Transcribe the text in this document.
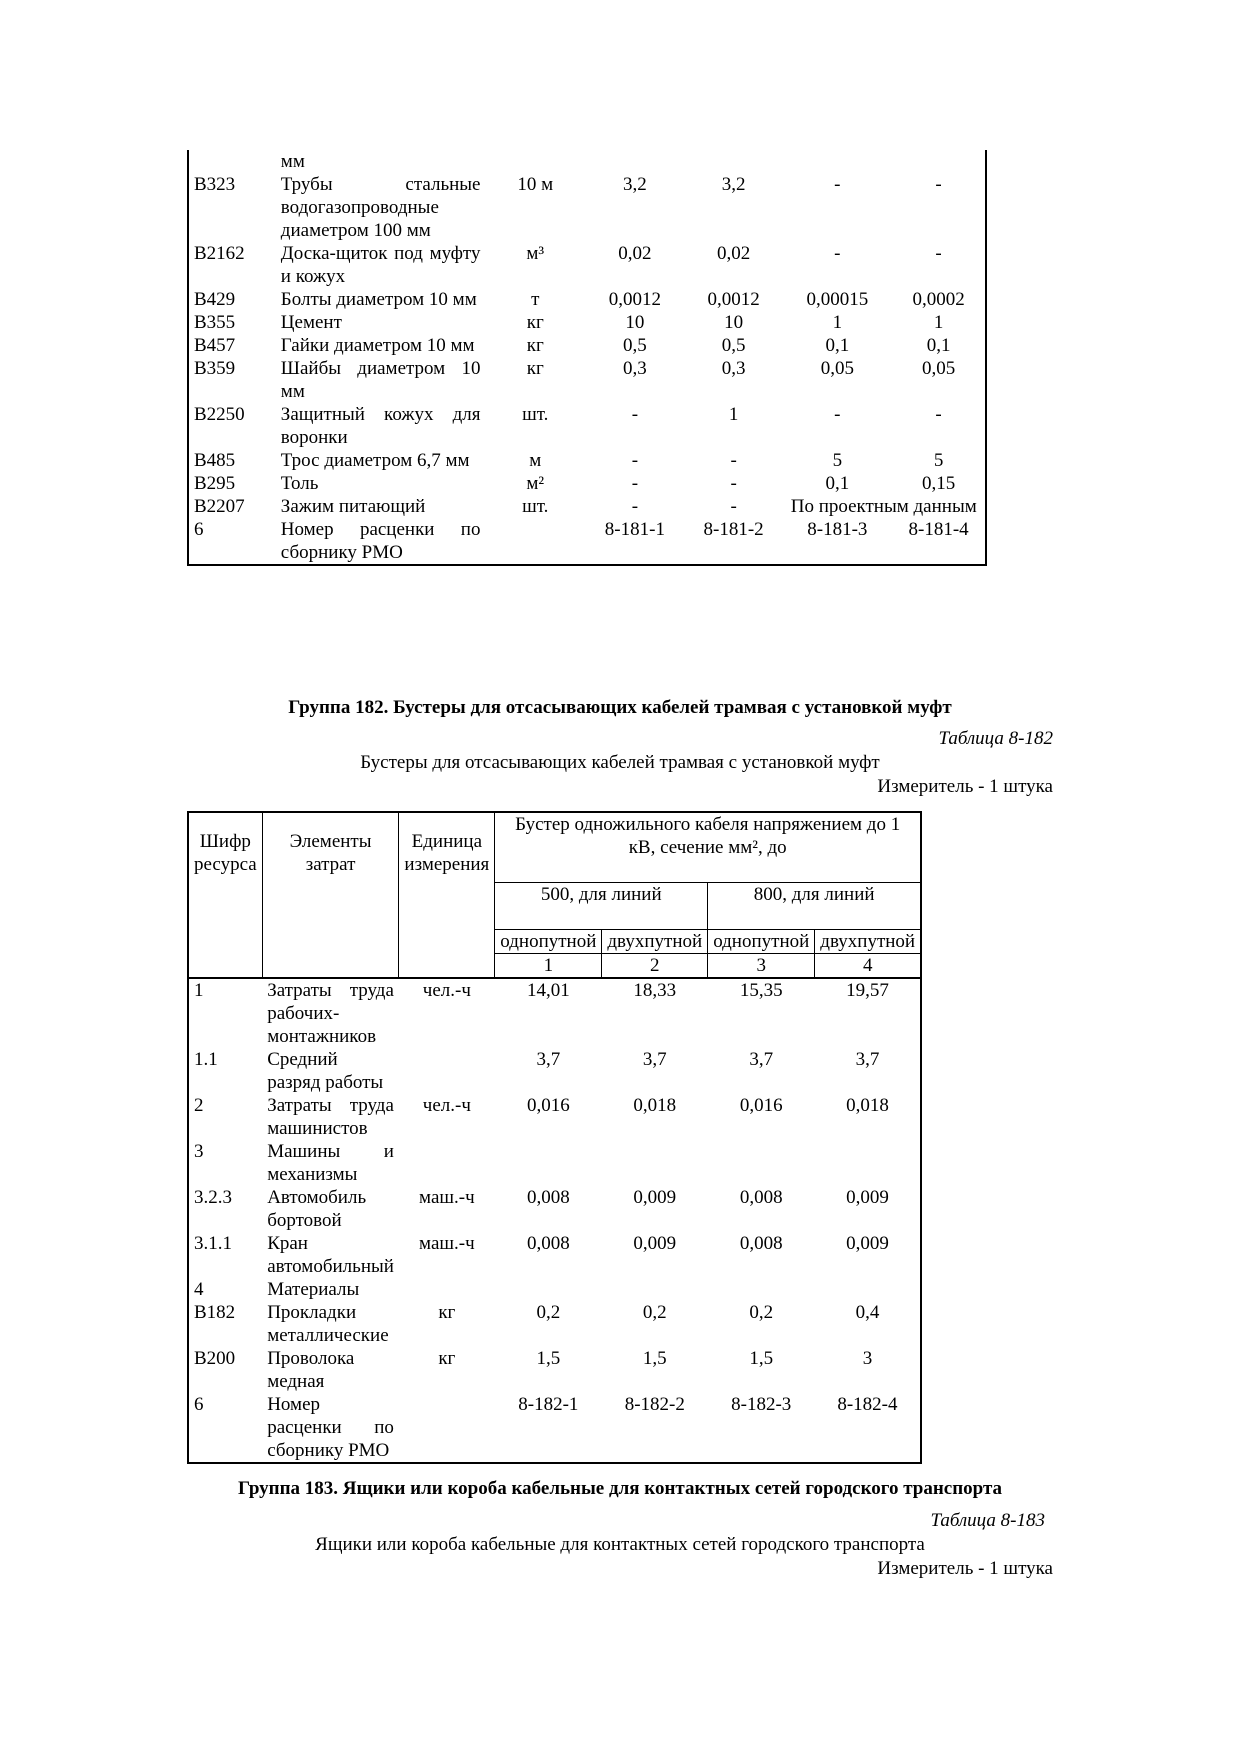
	мм					
В323	Трубы стальные водогазопроводные диаметром 100 мм	10 м	3,2	3,2	-	-
В2162	Доска-щиток под муфту и кожух	м³	0,02	0,02	-	-
В429	Болты диаметром 10 мм	т	0,0012	0,0012	0,00015	0,0002
В355	Цемент	кг	10	10	1	1
В457	Гайки диаметром 10 мм	кг	0,5	0,5	0,1	0,1
В359	Шайбы диаметром 10 мм	кг	0,3	0,3	0,05	0,05
В2250	Защитный кожух для воронки	шт.	-	1	-	-
В485	Трос диаметром 6,7 мм	м	-	-	5	5
В295	Толь	м²	-	-	0,1	0,15
В2207	Зажим питающий	шт.	-	-	По проектным данным	
6	Номер расценки по сборнику РМО		8-181-1	8-181-2	8-181-3	8-181-4
Группа 182. Бустеры для отсасывающих кабелей трамвая с установкой муфт
Таблица 8-182
Бустеры для отсасывающих кабелей трамвая с установкой муфт
Измеритель - 1 штука
Шифр ресурса	Элементы затрат	Единица измерения	Бустер одножильного кабеля напряжением до 1 кВ, сечение мм², до			
			500, для линий		800, для линий	
			однопутной	двухпутной	однопутной	двухпутной
			1	2	3	4
1	Затраты труда рабочих-монтажников	чел.-ч	14,01	18,33	15,35	19,57
1.1	Средний разряд работы		3,7	3,7	3,7	3,7
2	Затраты труда машинистов	чел.-ч	0,016	0,018	0,016	0,018
3	Машины и механизмы					
3.2.3	Автомобиль бортовой	маш.-ч	0,008	0,009	0,008	0,009
3.1.1	Кран автомобильный	маш.-ч	0,008	0,009	0,008	0,009
4	Материалы					
В182	Прокладки металлические	кг	0,2	0,2	0,2	0,4
В200	Проволока медная	кг	1,5	1,5	1,5	3
6	Номер расценки по сборнику РМО		8-182-1	8-182-2	8-182-3	8-182-4
Группа 183. Ящики или короба кабельные для контактных сетей городского транспорта
Таблица 8-183
Ящики или короба кабельные для контактных сетей городского транспорта
Измеритель - 1 штука
